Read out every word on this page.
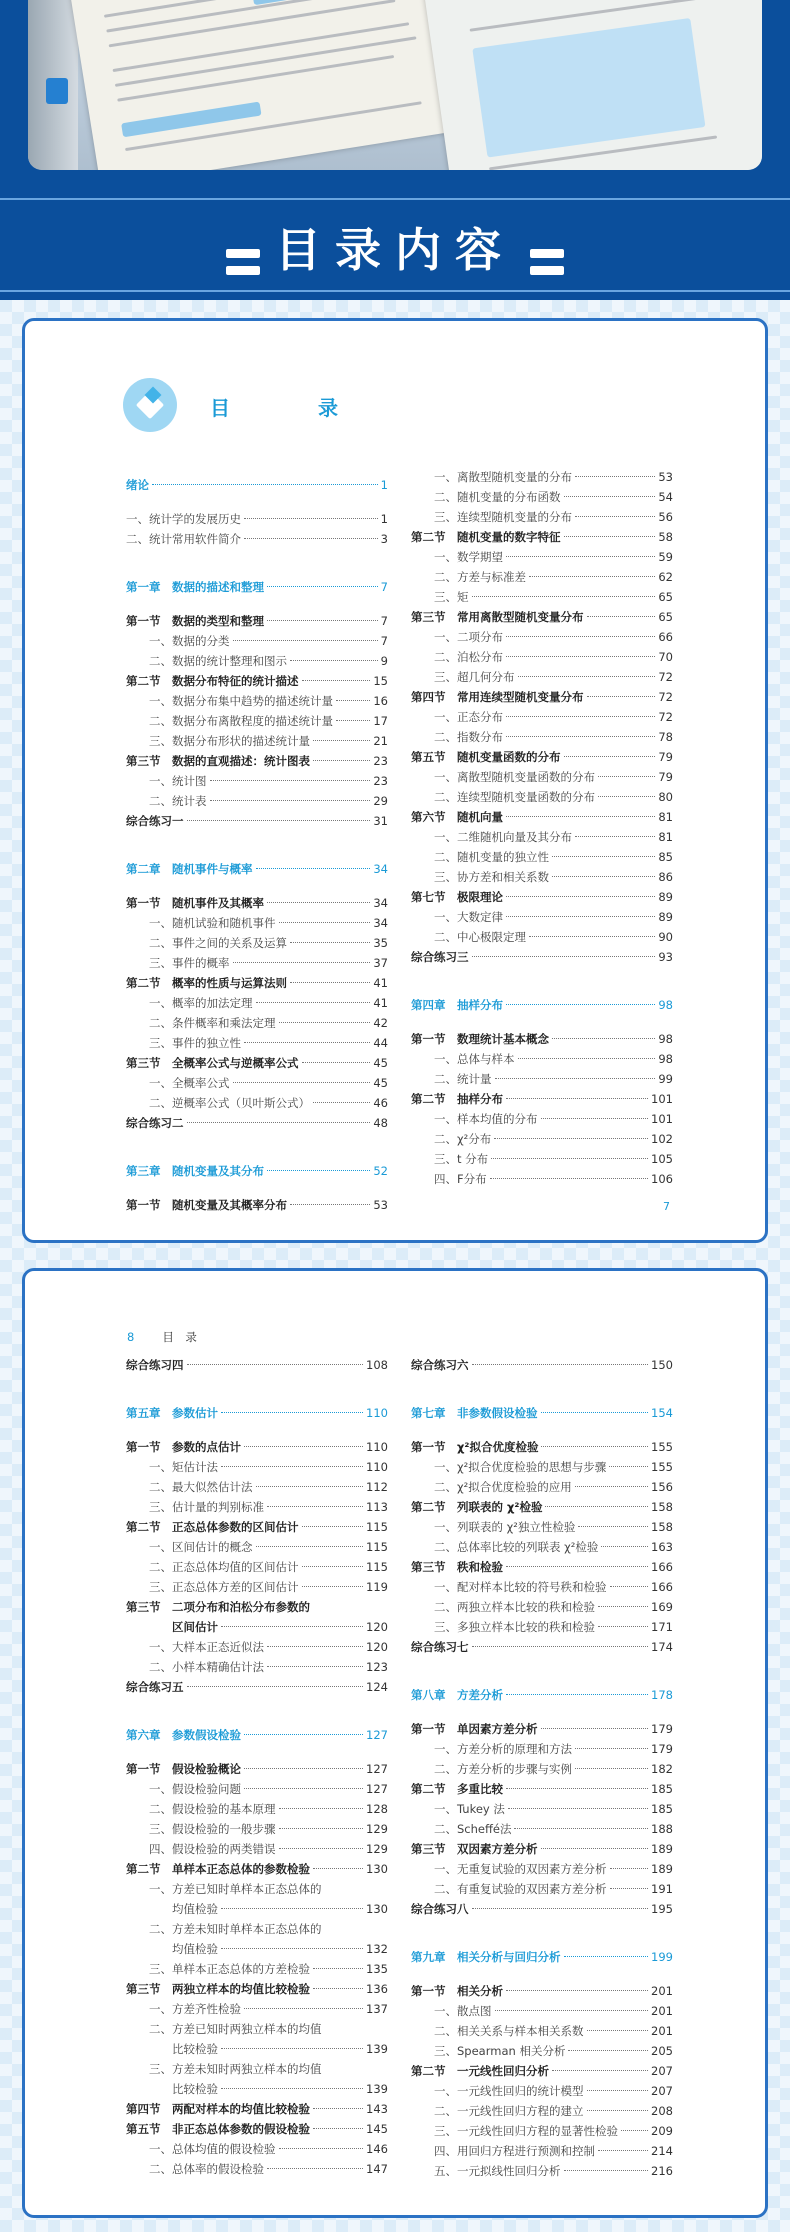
目录内容
目　录
绪论	1
一、统计学的发展历史	1
二、统计常用软件简介	3
第一章　数据的描述和整理	7
第一节　数据的类型和整理	7
　　一、数据的分类	7
　　二、数据的统计整理和图示	9
第二节　数据分布特征的统计描述	15
　　一、数据分布集中趋势的描述统计量	16
　　二、数据分布离散程度的描述统计量	17
　　三、数据分布形状的描述统计量	21
第三节　数据的直观描述：统计图表	23
　　一、统计图	23
　　二、统计表	29
综合练习一	31
第二章　随机事件与概率	34
第一节　随机事件及其概率	34
　　一、随机试验和随机事件	34
　　二、事件之间的关系及运算	35
　　三、事件的概率	37
第二节　概率的性质与运算法则	41
　　一、概率的加法定理	41
　　二、条件概率和乘法定理	42
　　三、事件的独立性	44
第三节　全概率公式与逆概率公式	45
　　一、全概率公式	45
　　二、逆概率公式（贝叶斯公式）	46
综合练习二	48
第三章　随机变量及其分布	52
第一节　随机变量及其概率分布	53
　　一、离散型随机变量的分布	53
　　二、随机变量的分布函数	54
　　三、连续型随机变量的分布	56
第二节　随机变量的数字特征	58
　　一、数学期望	59
　　二、方差与标准差	62
　　三、矩	65
第三节　常用离散型随机变量分布	65
　　一、二项分布	66
　　二、泊松分布	70
　　三、超几何分布	72
第四节　常用连续型随机变量分布	72
　　一、正态分布	72
　　二、指数分布	78
第五节　随机变量函数的分布	79
　　一、离散型随机变量函数的分布	79
　　二、连续型随机变量函数的分布	80
第六节　随机向量	81
　　一、二维随机向量及其分布	81
　　二、随机变量的独立性	85
　　三、协方差和相关系数	86
第七节　极限理论	89
　　一、大数定律	89
　　二、中心极限定理	90
综合练习三	93
第四章　抽样分布	98
第一节　数理统计基本概念	98
　　一、总体与样本	98
　　二、统计量	99
第二节　抽样分布	101
　　一、样本均值的分布	101
　　二、χ²分布	102
　　三、t 分布	105
　　四、F分布	106
7
8 目　录
综合练习四	108
第五章　参数估计	110
第一节　参数的点估计	110
　　一、矩估计法	110
　　二、最大似然估计法	112
　　三、估计量的判别标准	113
第二节　正态总体参数的区间估计	115
　　一、区间估计的概念	115
　　二、正态总体均值的区间估计	115
　　三、正态总体方差的区间估计	119
第三节　二项分布和泊松分布参数的
　　　　区间估计	120
　　一、大样本正态近似法	120
　　二、小样本精确估计法	123
综合练习五	124
第六章　参数假设检验	127
第一节　假设检验概论	127
　　一、假设检验问题	127
　　二、假设检验的基本原理	128
　　三、假设检验的一般步骤	129
　　四、假设检验的两类错误	129
第二节　单样本正态总体的参数检验	130
　　一、方差已知时单样本正态总体的
　　　　均值检验	130
　　二、方差未知时单样本正态总体的
　　　　均值检验	132
　　三、单样本正态总体的方差检验	135
第三节　两独立样本的均值比较检验	136
　　一、方差齐性检验	137
　　二、方差已知时两独立样本的均值
　　　　比较检验	139
　　三、方差未知时两独立样本的均值
　　　　比较检验	139
第四节　两配对样本的均值比较检验	143
第五节　非正态总体参数的假设检验	145
　　一、总体均值的假设检验	146
　　二、总体率的假设检验	147
综合练习六	150
第七章　非参数假设检验	154
第一节　χ²拟合优度检验	155
　　一、χ²拟合优度检验的思想与步骤	155
　　二、χ²拟合优度检验的应用	156
第二节　列联表的 χ²检验	158
　　一、列联表的 χ²独立性检验	158
　　二、总体率比较的列联表 χ²检验	163
第三节　秩和检验	166
　　一、配对样本比较的符号秩和检验	166
　　二、两独立样本比较的秩和检验	169
　　三、多独立样本比较的秩和检验	171
综合练习七	174
第八章　方差分析	178
第一节　单因素方差分析	179
　　一、方差分析的原理和方法	179
　　二、方差分析的步骤与实例	182
第二节　多重比较	185
　　一、Tukey 法	185
　　二、Scheffé法	188
第三节　双因素方差分析	189
　　一、无重复试验的双因素方差分析	189
　　二、有重复试验的双因素方差分析	191
综合练习八	195
第九章　相关分析与回归分析	199
第一节　相关分析	201
　　一、散点图	201
　　二、相关关系与样本相关系数	201
　　三、Spearman 相关分析	205
第二节　一元线性回归分析	207
　　一、一元线性回归的统计模型	207
　　二、一元线性回归方程的建立	208
　　三、一元线性回归方程的显著性检验	209
　　四、用回归方程进行预测和控制	214
　　五、一元拟线性回归分析	216
